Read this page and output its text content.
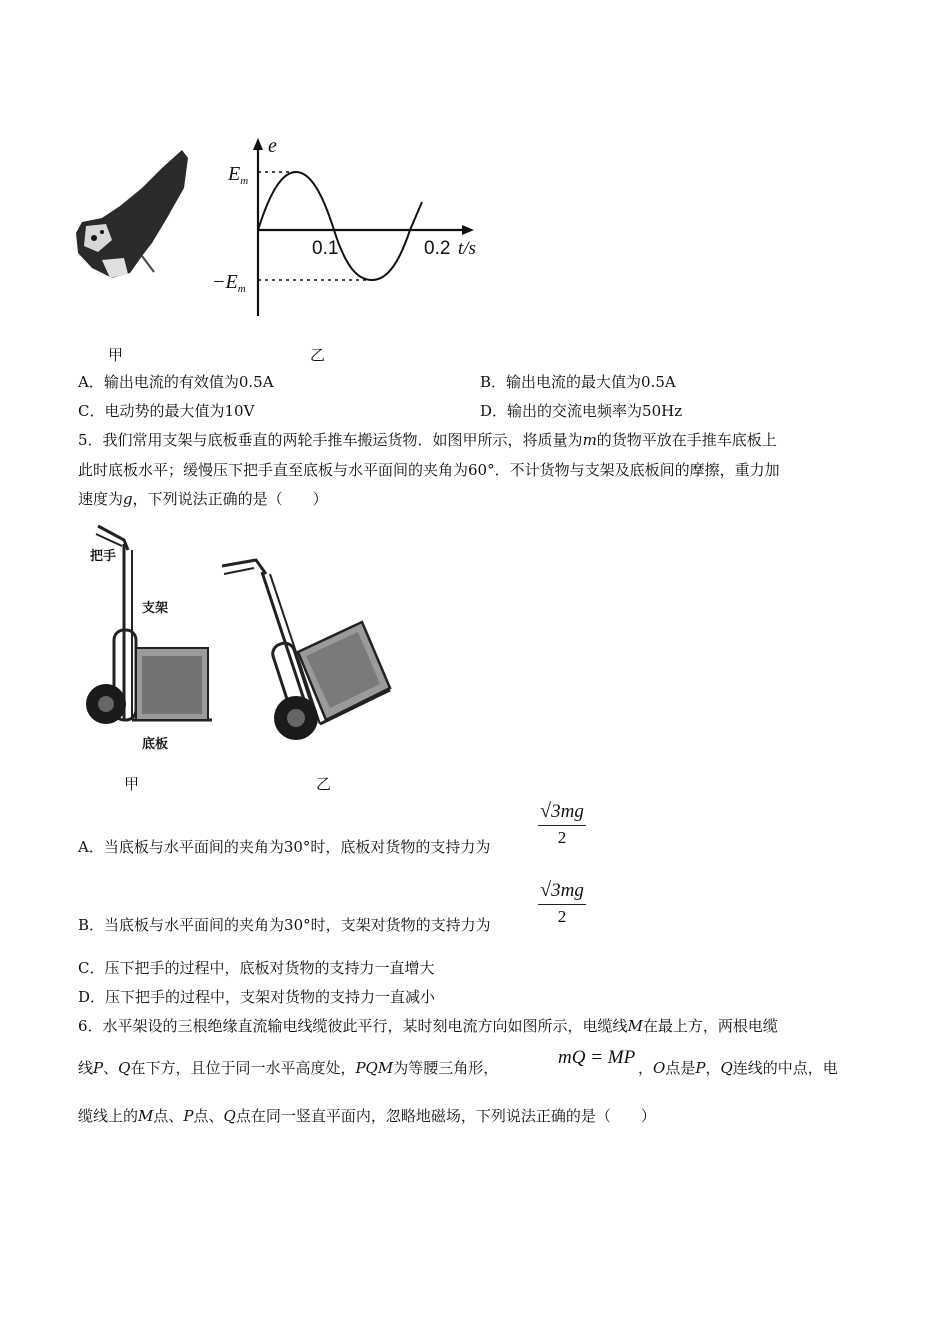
e
$E_m$
$-E_m$
0.1	0.2 t/s
甲	乙
A．输出电流的有效值为0.5A	B．输出电流的最大值为0.5A
C．电动势的最大值为10V	D．输出的交流电频率为50Hz
5．我们常用支架与底板垂直的两轮手推车搬运货物．如图甲所示，将质量为m的货物平放在手推车底板上
此时底板水平；缓慢压下把手直至底板与水平面间的夹角为60°．不计货物与支架及底板间的摩擦，重力加
速度为g，下列说法正确的是（　　）
把手
支架
底板
甲	乙
A．当底板与水平面间的夹角为30°时，底板对货物的支持力为 $\frac{√3mg}{2}$
B．当底板与水平面间的夹角为30°时，支架对货物的支持力为 $\frac{√3mg}{2}$
C．压下把手的过程中，底板对货物的支持力一直增大
D．压下把手的过程中，支架对货物的支持力一直减小
6．水平架设的三根绝缘直流输电线缆彼此平行，某时刻电流方向如图所示，电缆线M在最上方，两根电缆
线P、Q在下方，且位于同一水平高度处，PQM为等腰三角形，	mQ = MP ，O点是P，Q连线的中点，电
缆线上的M点、P点、Q点在同一竖直平面内，忽略地磁场，下列说法正确的是（　　）
